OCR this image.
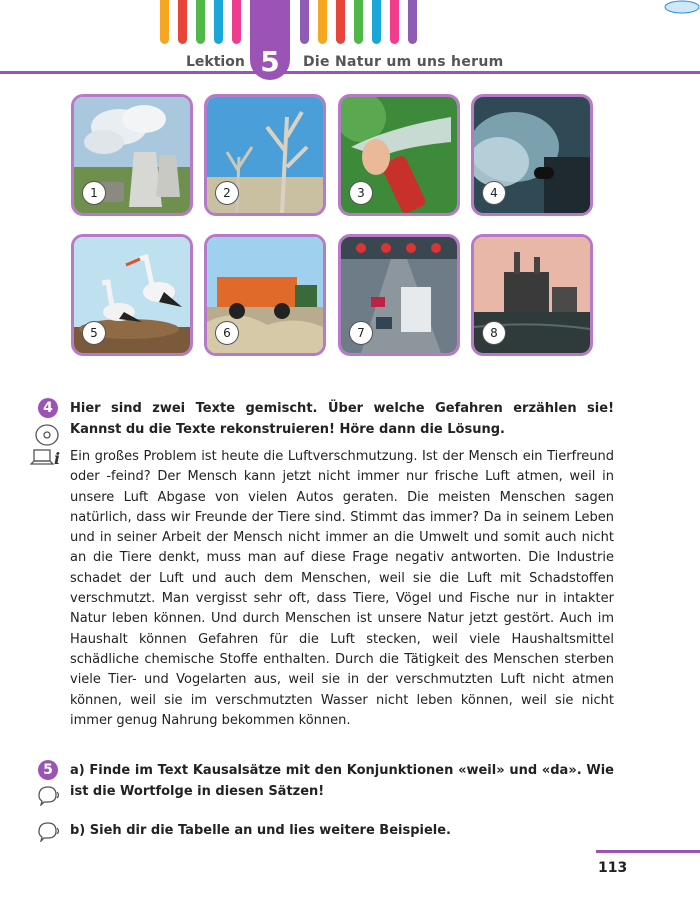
5
Lektion	Die Natur um uns herum
1	2	3	4
5	6	7	8
4
i
Hier sind zwei Texte gemischt. Über welche Gefahren erzählen sie! Kannst du die Texte rekonstruieren! Höre dann die Lösung.
Ein großes Problem ist heute die Luftverschmutzung. Ist der Mensch ein Tierfreund oder -feind? Der Mensch kann jetzt nicht immer nur frische Luft atmen, weil in unsere Luft Abgase von vielen Autos geraten. Die meisten Menschen sagen natürlich, dass wir Freunde der Tiere sind. Stimmt das immer? Da in seinem Leben und in seiner Arbeit der Mensch nicht immer an die Umwelt und somit auch nicht an die Tiere denkt, muss man auf diese Frage negativ antworten. Die Industrie schadet der Luft und auch dem Menschen, weil sie die Luft mit Schadstoffen verschmutzt. Man vergisst sehr oft, dass Tiere, Vögel und Fische nur in intakter Natur leben können. Und durch Menschen ist unsere Natur jetzt gestört. Auch im Haushalt können Gefahren für die Luft stecken, weil viele Haushaltsmittel schädliche chemische Stoffe enthalten. Durch die Tätigkeit des Menschen sterben viele Tier- und Vogelarten aus, weil sie in der verschmutzten Luft nicht atmen können, weil sie im verschmutzten Wasser nicht leben können, weil sie nicht immer genug Nahrung bekommen können.
5	a) Finde im Text Kausalsätze mit den Konjunktionen «weil» und «da». Wie ist die Wortfolge in diesen Sätzen!
b) Sieh dir die Tabelle an und lies weitere Beispiele.
113
